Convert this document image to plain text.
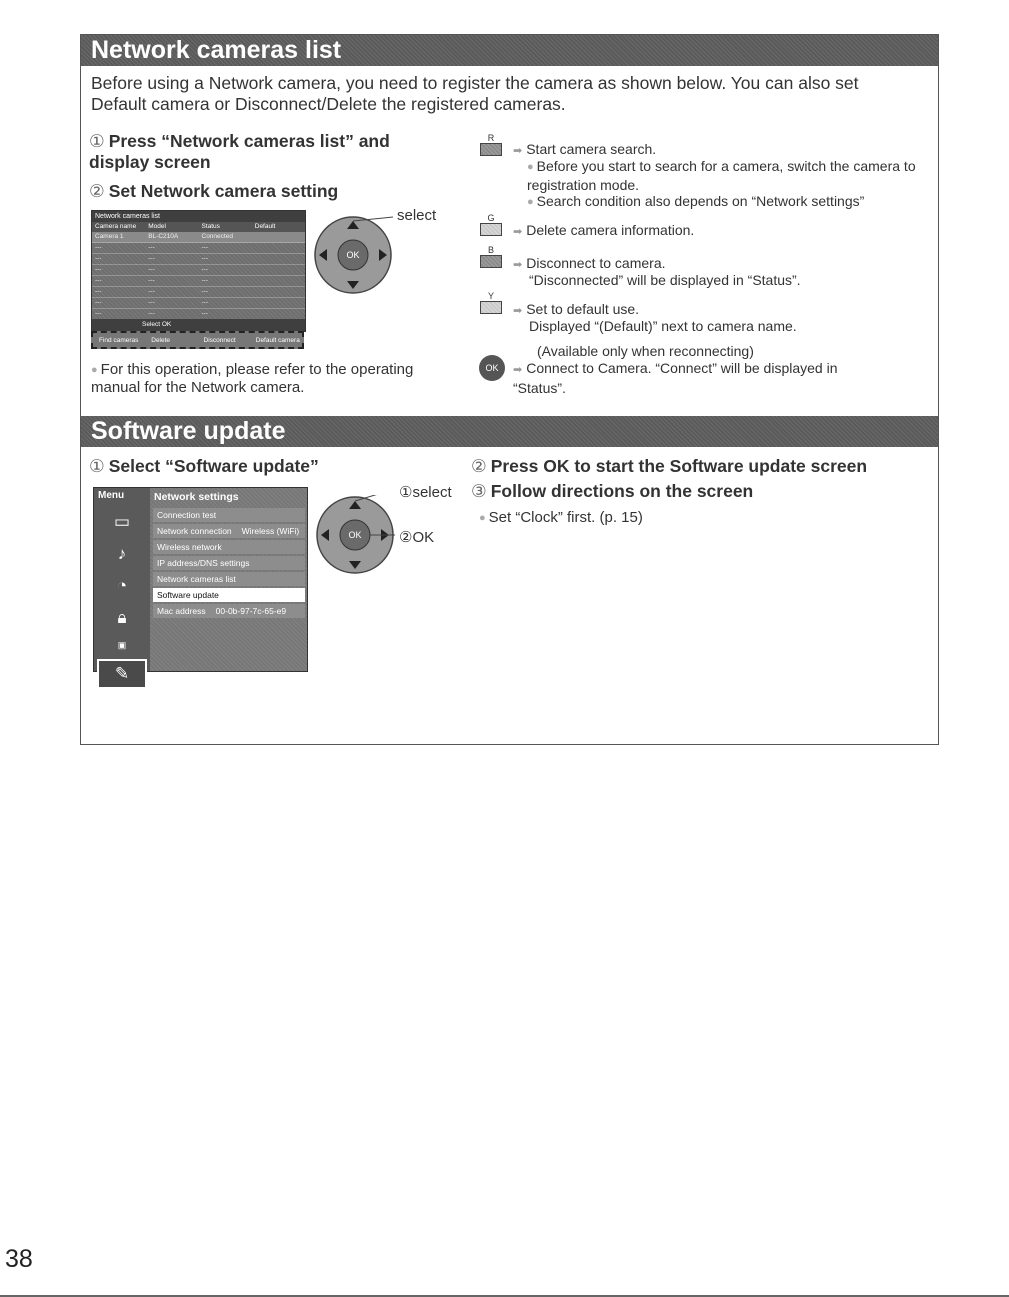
Network cameras list
Before using a Network camera, you need to register the camera as shown below. You can also set Default camera or Disconnect/Delete the registered cameras.
① Press “Network cameras list” and display screen
② Set Network camera setting
Network cameras list
Camera name	Model	Status	Default
Camera 1	BL-C210A	Connected
---	---	---
---	---	---
---	---	---
---	---	---
---	---	---
---	---	---
---	---	---
Select OK
Find cameras	Delete	Disconnect	Default camera
OK
select
● For this operation, please refer to the operating manual for the Network camera.
R
➡ Start camera search.
● Before you start to search for a camera, switch the camera to registration mode.
● Search condition also depends on “Network settings”
G
➡ Delete camera information.
B
➡ Disconnect to camera.
“Disconnected” will be displayed in “Status”.
Y
➡ Set to default use.
Displayed “(Default)” next to camera name.
(Available only when reconnecting)
OK	➡ Connect to Camera. “Connect” will be displayed in “Status”.
Software update
① Select “Software update”
Menu
▭
♪
◔
🔒︎
▣
✎
Network settings
Connection test
Network connection Wireless (WiFi)
Wireless network
IP address/DNS settings
Network cameras list
Software update
Mac address 00-0b-97-7c-65-e9
OK
①select
②OK
② Press OK to start the Software update screen
③ Follow directions on the screen
● Set “Clock” first. (p. 15)
38
